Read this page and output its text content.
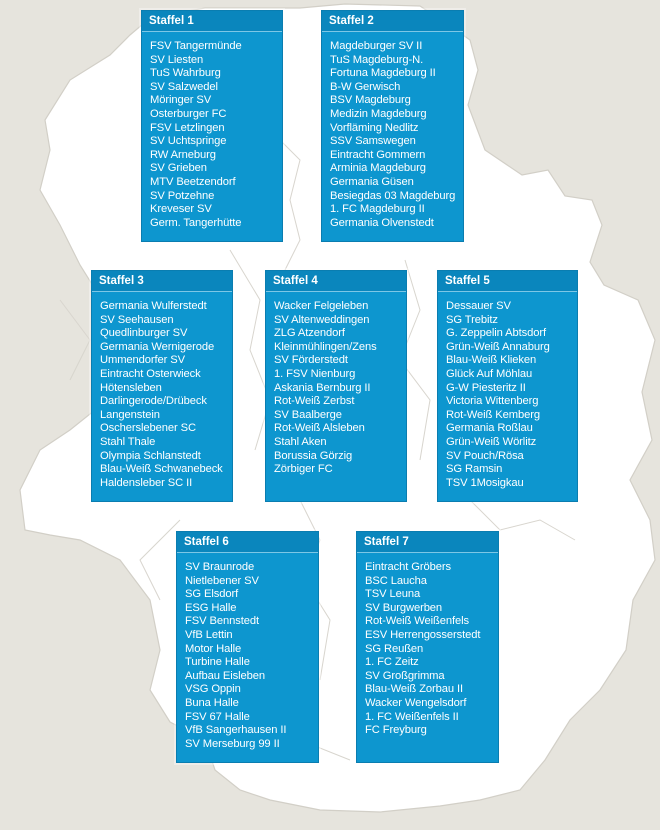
Staffel 1
FSV Tangermünde
SV Liesten
TuS Wahrburg
SV Salzwedel
Möringer SV
Osterburger FC
FSV Letzlingen
SV Uchtspringe
RW Arneburg
SV Grieben
MTV Beetzendorf
SV Potzehne
Kreveser SV
Germ. Tangerhütte
Staffel 2
Magdeburger SV II
TuS Magdeburg-N.
Fortuna Magdeburg II
B-W Gerwisch
BSV Magdeburg
Medizin Magdeburg
Vorfläming Nedlitz
SSV Samswegen
Eintracht Gommern
Arminia Magdeburg
Germania Güsen
Besiegdas 03 Magdeburg
1. FC Magdeburg II
Germania Olvenstedt
Staffel 3
Germania Wulferstedt
SV Seehausen
Quedlinburger SV
Germania Wernigerode
Ummendorfer SV
Eintracht Osterwieck
Hötensleben
Darlingerode/Drübeck
Langenstein
Oscherslebener SC
Stahl Thale
Olympia Schlanstedt
Blau-Weiß Schwanebeck
Haldensleber SC II
Staffel 4
Wacker Felgeleben
SV Altenweddingen
ZLG Atzendorf
Kleinmühlingen/Zens
SV Förderstedt
1. FSV Nienburg
Askania Bernburg II
Rot-Weiß Zerbst
SV Baalberge
Rot-Weiß Alsleben
Stahl Aken
Borussia Görzig
Zörbiger FC
Staffel 5
Dessauer SV
SG Trebitz
G. Zeppelin Abtsdorf
Grün-Weiß Annaburg
Blau-Weiß Klieken
Glück Auf Möhlau
G-W Piesteritz II
Victoria Wittenberg
Rot-Weiß Kemberg
Germania Roßlau
Grün-Weiß Wörlitz
SV Pouch/Rösa
SG Ramsin
TSV 1Mosigkau
Staffel 6
SV Braunrode
Nietlebener SV
SG Elsdorf
ESG Halle
FSV Bennstedt
VfB Lettin
Motor Halle
Turbine Halle
Aufbau Eisleben
VSG Oppin
Buna Halle
FSV 67 Halle
VfB Sangerhausen II
SV Merseburg 99 II
Staffel 7
Eintracht Gröbers
BSC Laucha
TSV Leuna
SV Burgwerben
Rot-Weiß Weißenfels
ESV Herrengosserstedt
SG Reußen
1. FC Zeitz
SV Großgrimma
Blau-Weiß Zorbau II
Wacker Wengelsdorf
1. FC Weißenfels II
FC Freyburg
